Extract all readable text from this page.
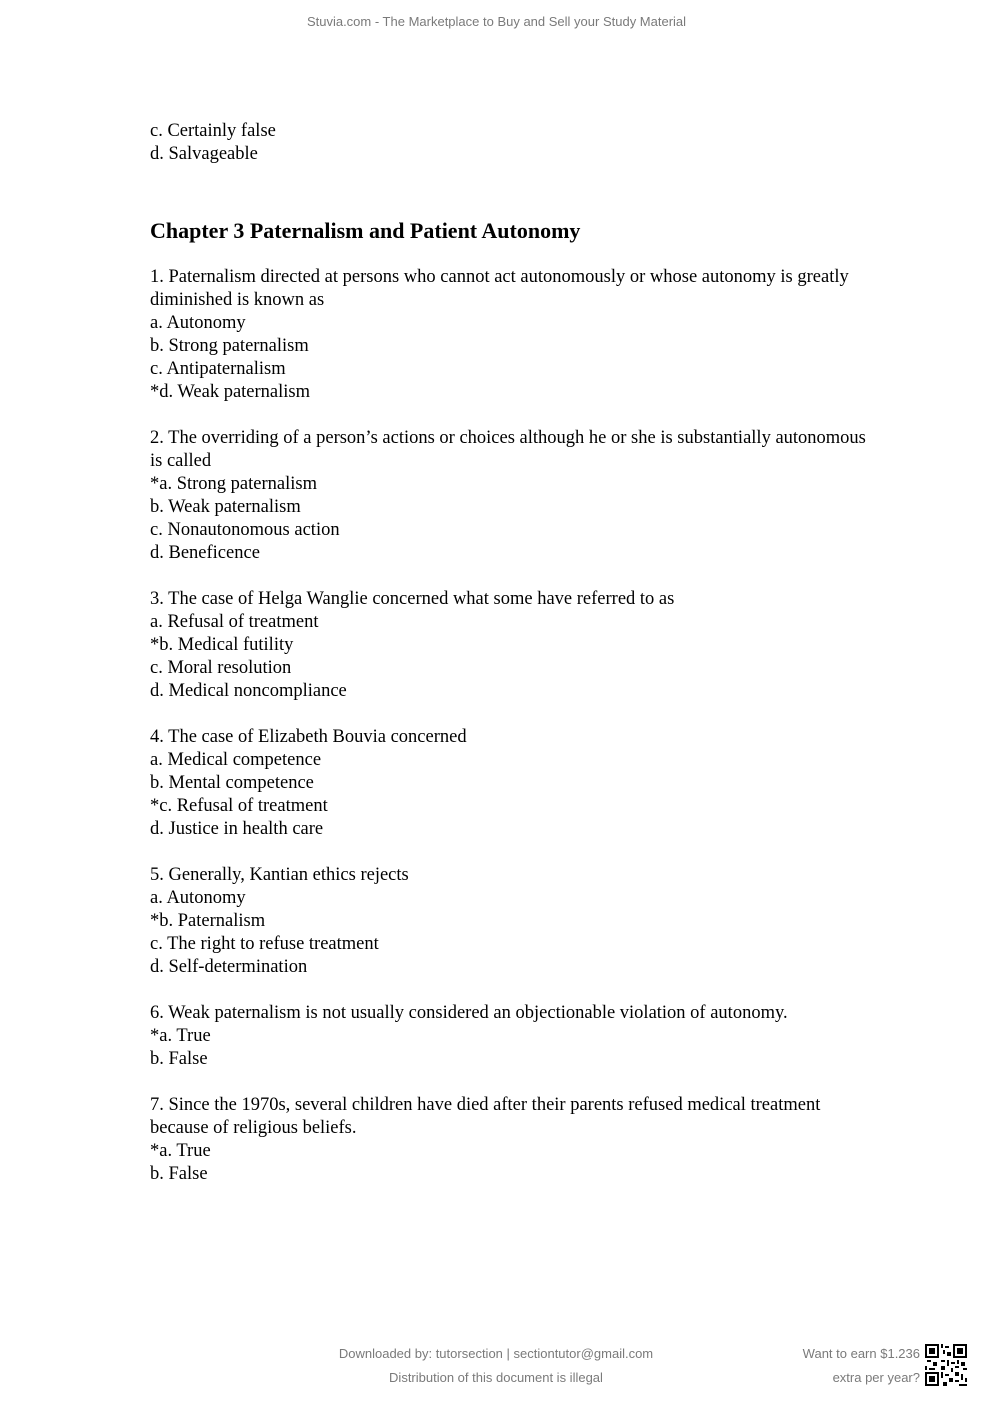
Stuvia.com - The Marketplace to Buy and Sell your Study Material
c. Certainly false
d. Salvageable
Chapter 3 Paternalism and Patient Autonomy
1. Paternalism directed at persons who cannot act autonomously or whose autonomy is greatly diminished is known as
a. Autonomy
b. Strong paternalism
c. Antipaternalism
*d. Weak paternalism
2. The overriding of a person’s actions or choices although he or she is substantially autonomous is called
*a. Strong paternalism
b. Weak paternalism
c. Nonautonomous action
d. Beneficence
3. The case of Helga Wanglie concerned what some have referred to as
a. Refusal of treatment
*b. Medical futility
c. Moral resolution
d. Medical noncompliance
4. The case of Elizabeth Bouvia concerned
a. Medical competence
b. Mental competence
*c. Refusal of treatment
d. Justice in health care
5. Generally, Kantian ethics rejects
a. Autonomy
*b. Paternalism
c. The right to refuse treatment
d. Self-determination
6. Weak paternalism is not usually considered an objectionable violation of autonomy.
*a. True
b. False
7. Since the 1970s, several children have died after their parents refused medical treatment because of religious beliefs.
*a. True
b. False
Downloaded by: tutorsection | sectiontutor@gmail.com
Distribution of this document is illegal
Want to earn $1.236
extra per year?
